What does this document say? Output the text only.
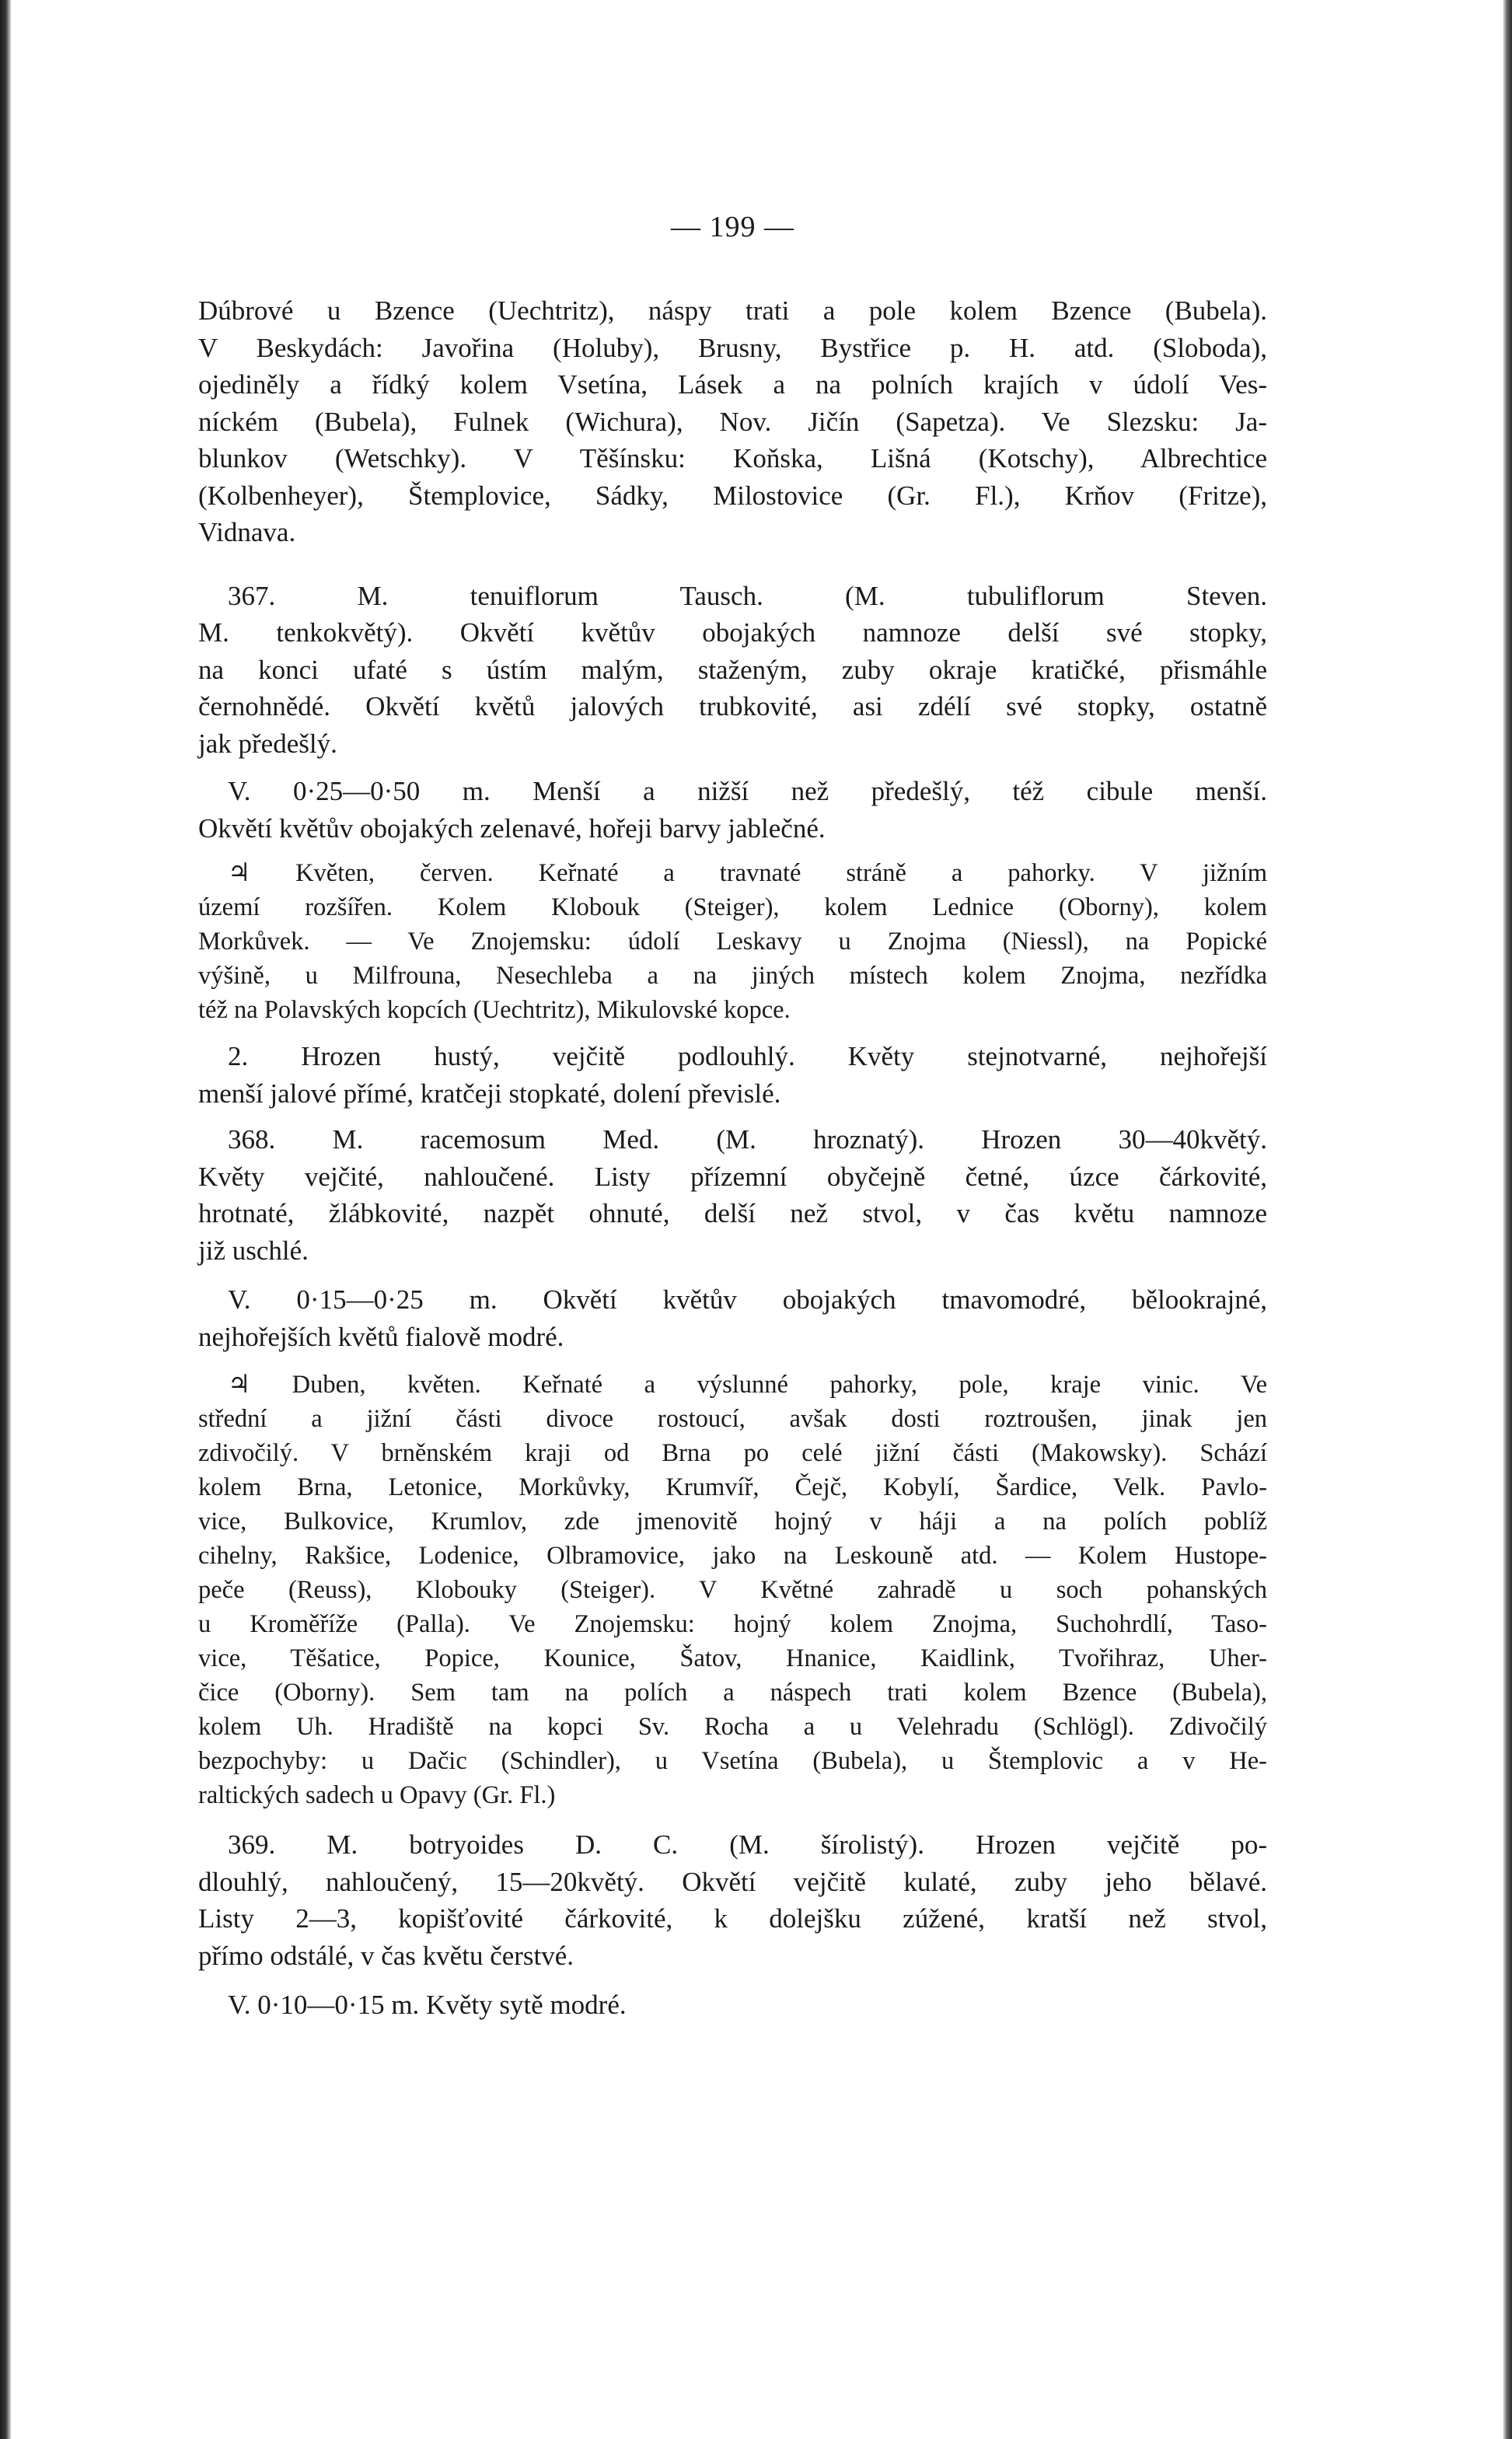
— 199 —

Dúbrové u Bzence (Uechtritz), náspy trati a pole kolem Bzence (Bubela).
V Beskydách: Javořina (Holuby), Brusny, Bystřice p. H. atd. (Sloboda),
ojediněly a řídký kolem Vsetína, Lásek a na polních krajích v údolí Ves-
níckém (Bubela), Fulnek (Wichura), Nov. Jičín (Sapetza). Ve Slezsku: Ja-
blunkov (Wetschky). V Těšínsku: Koňska, Lišná (Kotschy), Albrechtice
(Kolbenheyer), Štemplovice, Sádky, Milostovice (Gr. Fl.), Krňov (Fritze),
Vidnava.

367. M. tenuiflorum Tausch. (M. tubuliflorum Steven.
M. tenkokvětý). Okvětí květův obojakých namnoze delší své stopky,
na konci ufaté s ústím malým, staženým, zuby okraje kratičké, přismáhle
černohnědé. Okvětí květů jalových trubkovité, asi zdélí své stopky, ostatně
jak předešlý.

V. 0·25—0·50 m. Menší a nižší než předešlý, též cibule menší.
Okvětí květův obojakých zelenavé, hořeji barvy jablečné.

♃ Květen, červen. Keřnaté a travnaté stráně a pahorky. V jižním
území rozšířen. Kolem Klobouk (Steiger), kolem Lednice (Oborny), kolem
Morkůvek. — Ve Znojemsku: údolí Leskavy u Znojma (Niessl), na Popické
výšině, u Milfrouna, Nesechleba a na jiných místech kolem Znojma, nezřídka
též na Polavských kopcích (Uechtritz), Mikulovské kopce.

2. Hrozen hustý, vejčitě podlouhlý. Květy stejnotvarné, nejhořejší
menší jalové přímé, kratčeji stopkaté, dolení převislé.

368. M. racemosum Med. (M. hroznatý). Hrozen 30—40květý.
Květy vejčité, nahloučené. Listy přízemní obyčejně četné, úzce čárkovité,
hrotnaté, žlábkovité, nazpět ohnuté, delší než stvol, v čas květu namnoze
již uschlé.

V. 0·15—0·25 m. Okvětí květův obojakých tmavomodré, bělookrajné,
nejhořejších květů fialově modré.

♃ Duben, květen. Keřnaté a výslunné pahorky, pole, kraje vinic. Ve
střední a jižní části divoce rostoucí, avšak dosti roztroušen, jinak jen
zdivočilý. V brněnském kraji od Brna po celé jižní části (Makowsky). Schází
kolem Brna, Letonice, Morkůvky, Krumvíř, Čejč, Kobylí, Šardice, Velk. Pavlo-
vice, Bulkovice, Krumlov, zde jmenovitě hojný v háji a na polích poblíž
cihelny, Rakšice, Lodenice, Olbramovice, jako na Leskouně atd. — Kolem Hustope-
peče (Reuss), Klobouky (Steiger). V Květné zahradě u soch pohanských
u Kroměříže (Palla). Ve Znojemsku: hojný kolem Znojma, Suchohrdlí, Taso-
vice, Těšatice, Popice, Kounice, Šatov, Hnanice, Kaidlink, Tvořihraz, Uher-
čice (Oborny). Sem tam na polích a náspech trati kolem Bzence (Bubela),
kolem Uh. Hradiště na kopci Sv. Rocha a u Velehradu (Schlögl). Zdivočilý
bezpochyby: u Dačic (Schindler), u Vsetína (Bubela), u Štemplovic a v He-
raltických sadech u Opavy (Gr. Fl.)

369. M. botryoides D. C. (M. šírolistý). Hrozen vejčitě po-
dlouhlý, nahloučený, 15—20květý. Okvětí vejčitě kulaté, zuby jeho bělavé.
Listy 2—3, kopišťovité čárkovité, k dolejšku zúžené, kratší než stvol,
přímo odstálé, v čas květu čerstvé.

V. 0·10—0·15 m. Květy sytě modré.
